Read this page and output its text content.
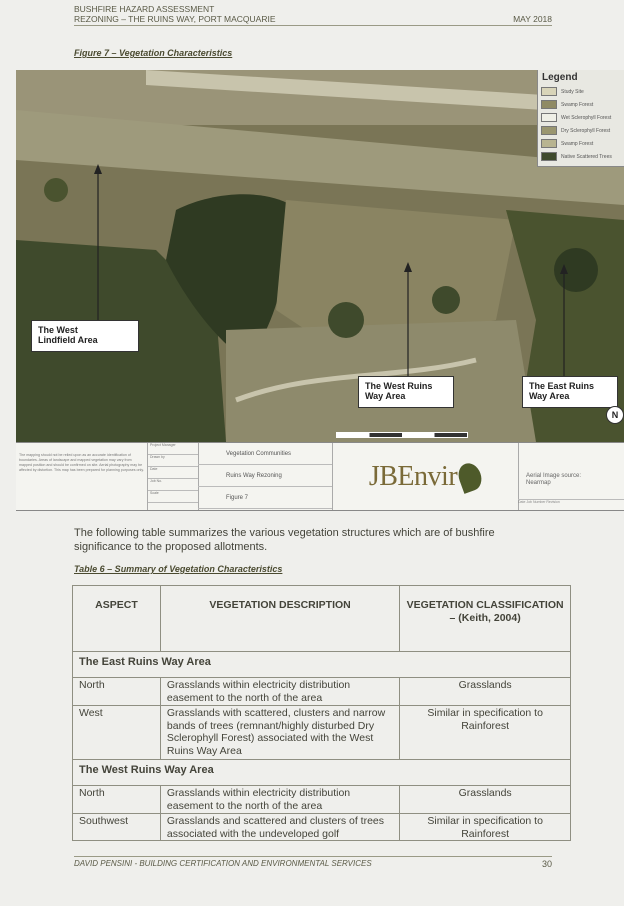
BUSHFIRE HAZARD ASSESSMENT
REZONING – THE RUINS WAY, PORT MACQUARIE	MAY 2018
Figure 7 – Vegetation Characteristics
The West
Lindfield Area
The West Ruins
Way Area
The East Ruins
Way Area
Legend
Study Site
Swamp Forest
Wet Sclerophyll Forest
Dry Sclerophyll Forest
Swamp Forest
Native Scattered Trees
N
The mapping should not be relied upon as an accurate identification of boundaries. Areas of landscape and mapped vegetation may vary from mapped position and should be confirmed on site. Aerial photography may be affected by distortion. This map has been prepared for planning purposes only.
Project Manager
Drawn by
Date
Job No.
Scale
Vegetation Communities
Ruins Way Rezoning
Figure 7
JBEnvir	Aerial Image source:
Nearmap
Date Job Number Revision
The following table summarizes the various vegetation structures which are of bushfire significance to the proposed allotments.
Table 6 – Summary of Vegetation Characteristics
ASPECT	VEGETATION DESCRIPTION	VEGETATION CLASSIFICATION – (Keith, 2004)
The East Ruins Way Area		
North	Grasslands within electricity distribution easement to the north of the area	Grasslands
West	Grasslands with scattered, clusters and narrow bands of trees (remnant/highly disturbed Dry Sclerophyll Forest) associated with the West Ruins Way Area	Similar in specification to Rainforest
The West Ruins Way Area		
North	Grasslands within electricity distribution easement to the north of the area	Grasslands
Southwest	Grasslands and scattered and clusters of trees associated with the undeveloped golf	Similar in specification to Rainforest
DAVID PENSINI - BUILDING CERTIFICATION AND ENVIRONMENTAL SERVICES	30
